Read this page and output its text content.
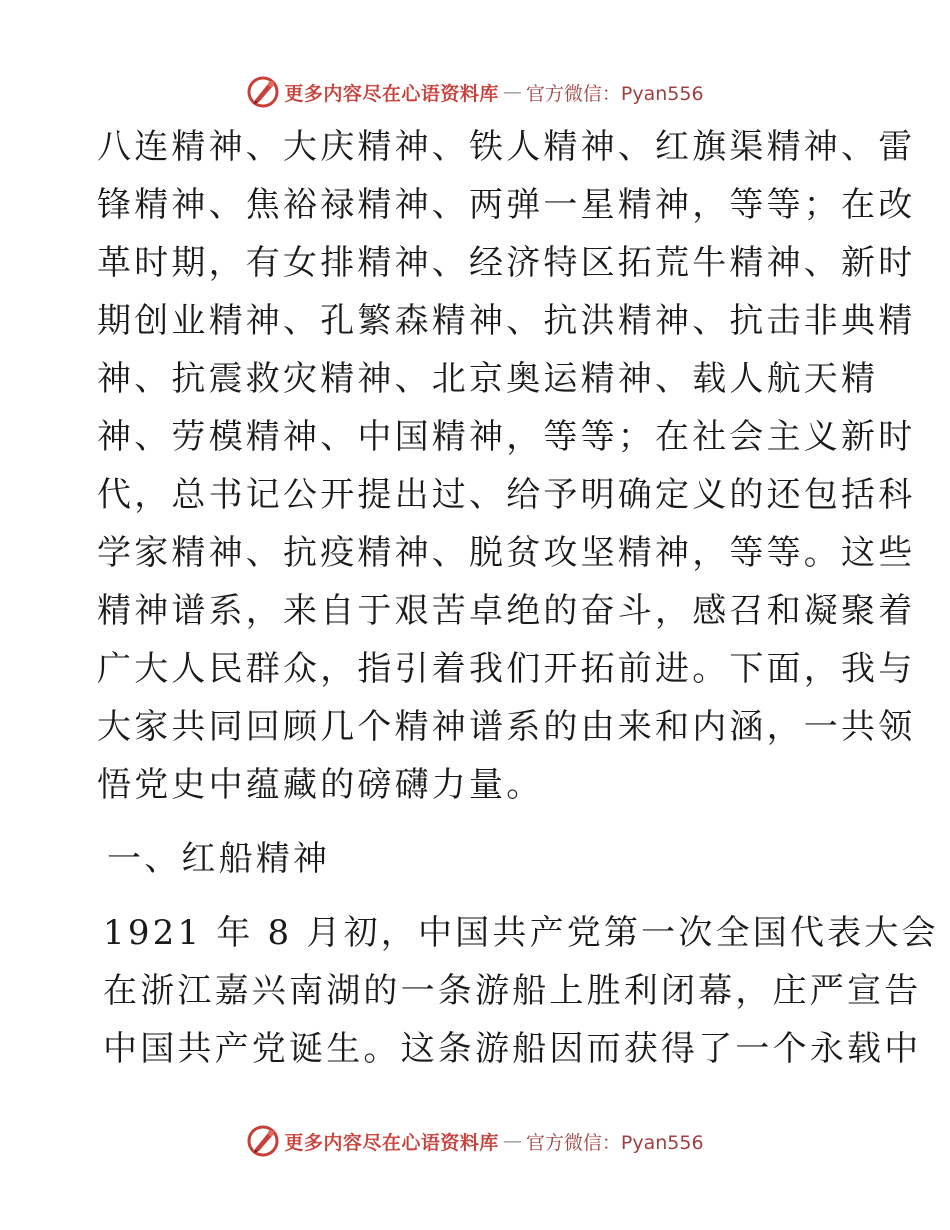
更多内容尽在心语资料库 — 官方微信：Pyan556
八连精神、大庆精神、铁人精神、红旗渠精神、雷
锋精神、焦裕禄精神、两弹一星精神，等等；在改
革时期，有女排精神、经济特区拓荒牛精神、新时
期创业精神、孔繁森精神、抗洪精神、抗击非典精
神、抗震救灾精神、北京奥运精神、载人航天精
神、劳模精神、中国精神，等等；在社会主义新时
代，总书记公开提出过、给予明确定义的还包括科
学家精神、抗疫精神、脱贫攻坚精神，等等。这些
精神谱系，来自于艰苦卓绝的奋斗，感召和凝聚着
广大人民群众，指引着我们开拓前进。下面，我与
大家共同回顾几个精神谱系的由来和内涵，一共领
悟党史中蕴藏的磅礴力量。
一、红船精神
1921 年 8 月初，中国共产党第一次全国代表大会
在浙江嘉兴南湖的一条游船上胜利闭幕，庄严宣告
中国共产党诞生。这条游船因而获得了一个永载中
更多内容尽在心语资料库 — 官方微信：Pyan556
